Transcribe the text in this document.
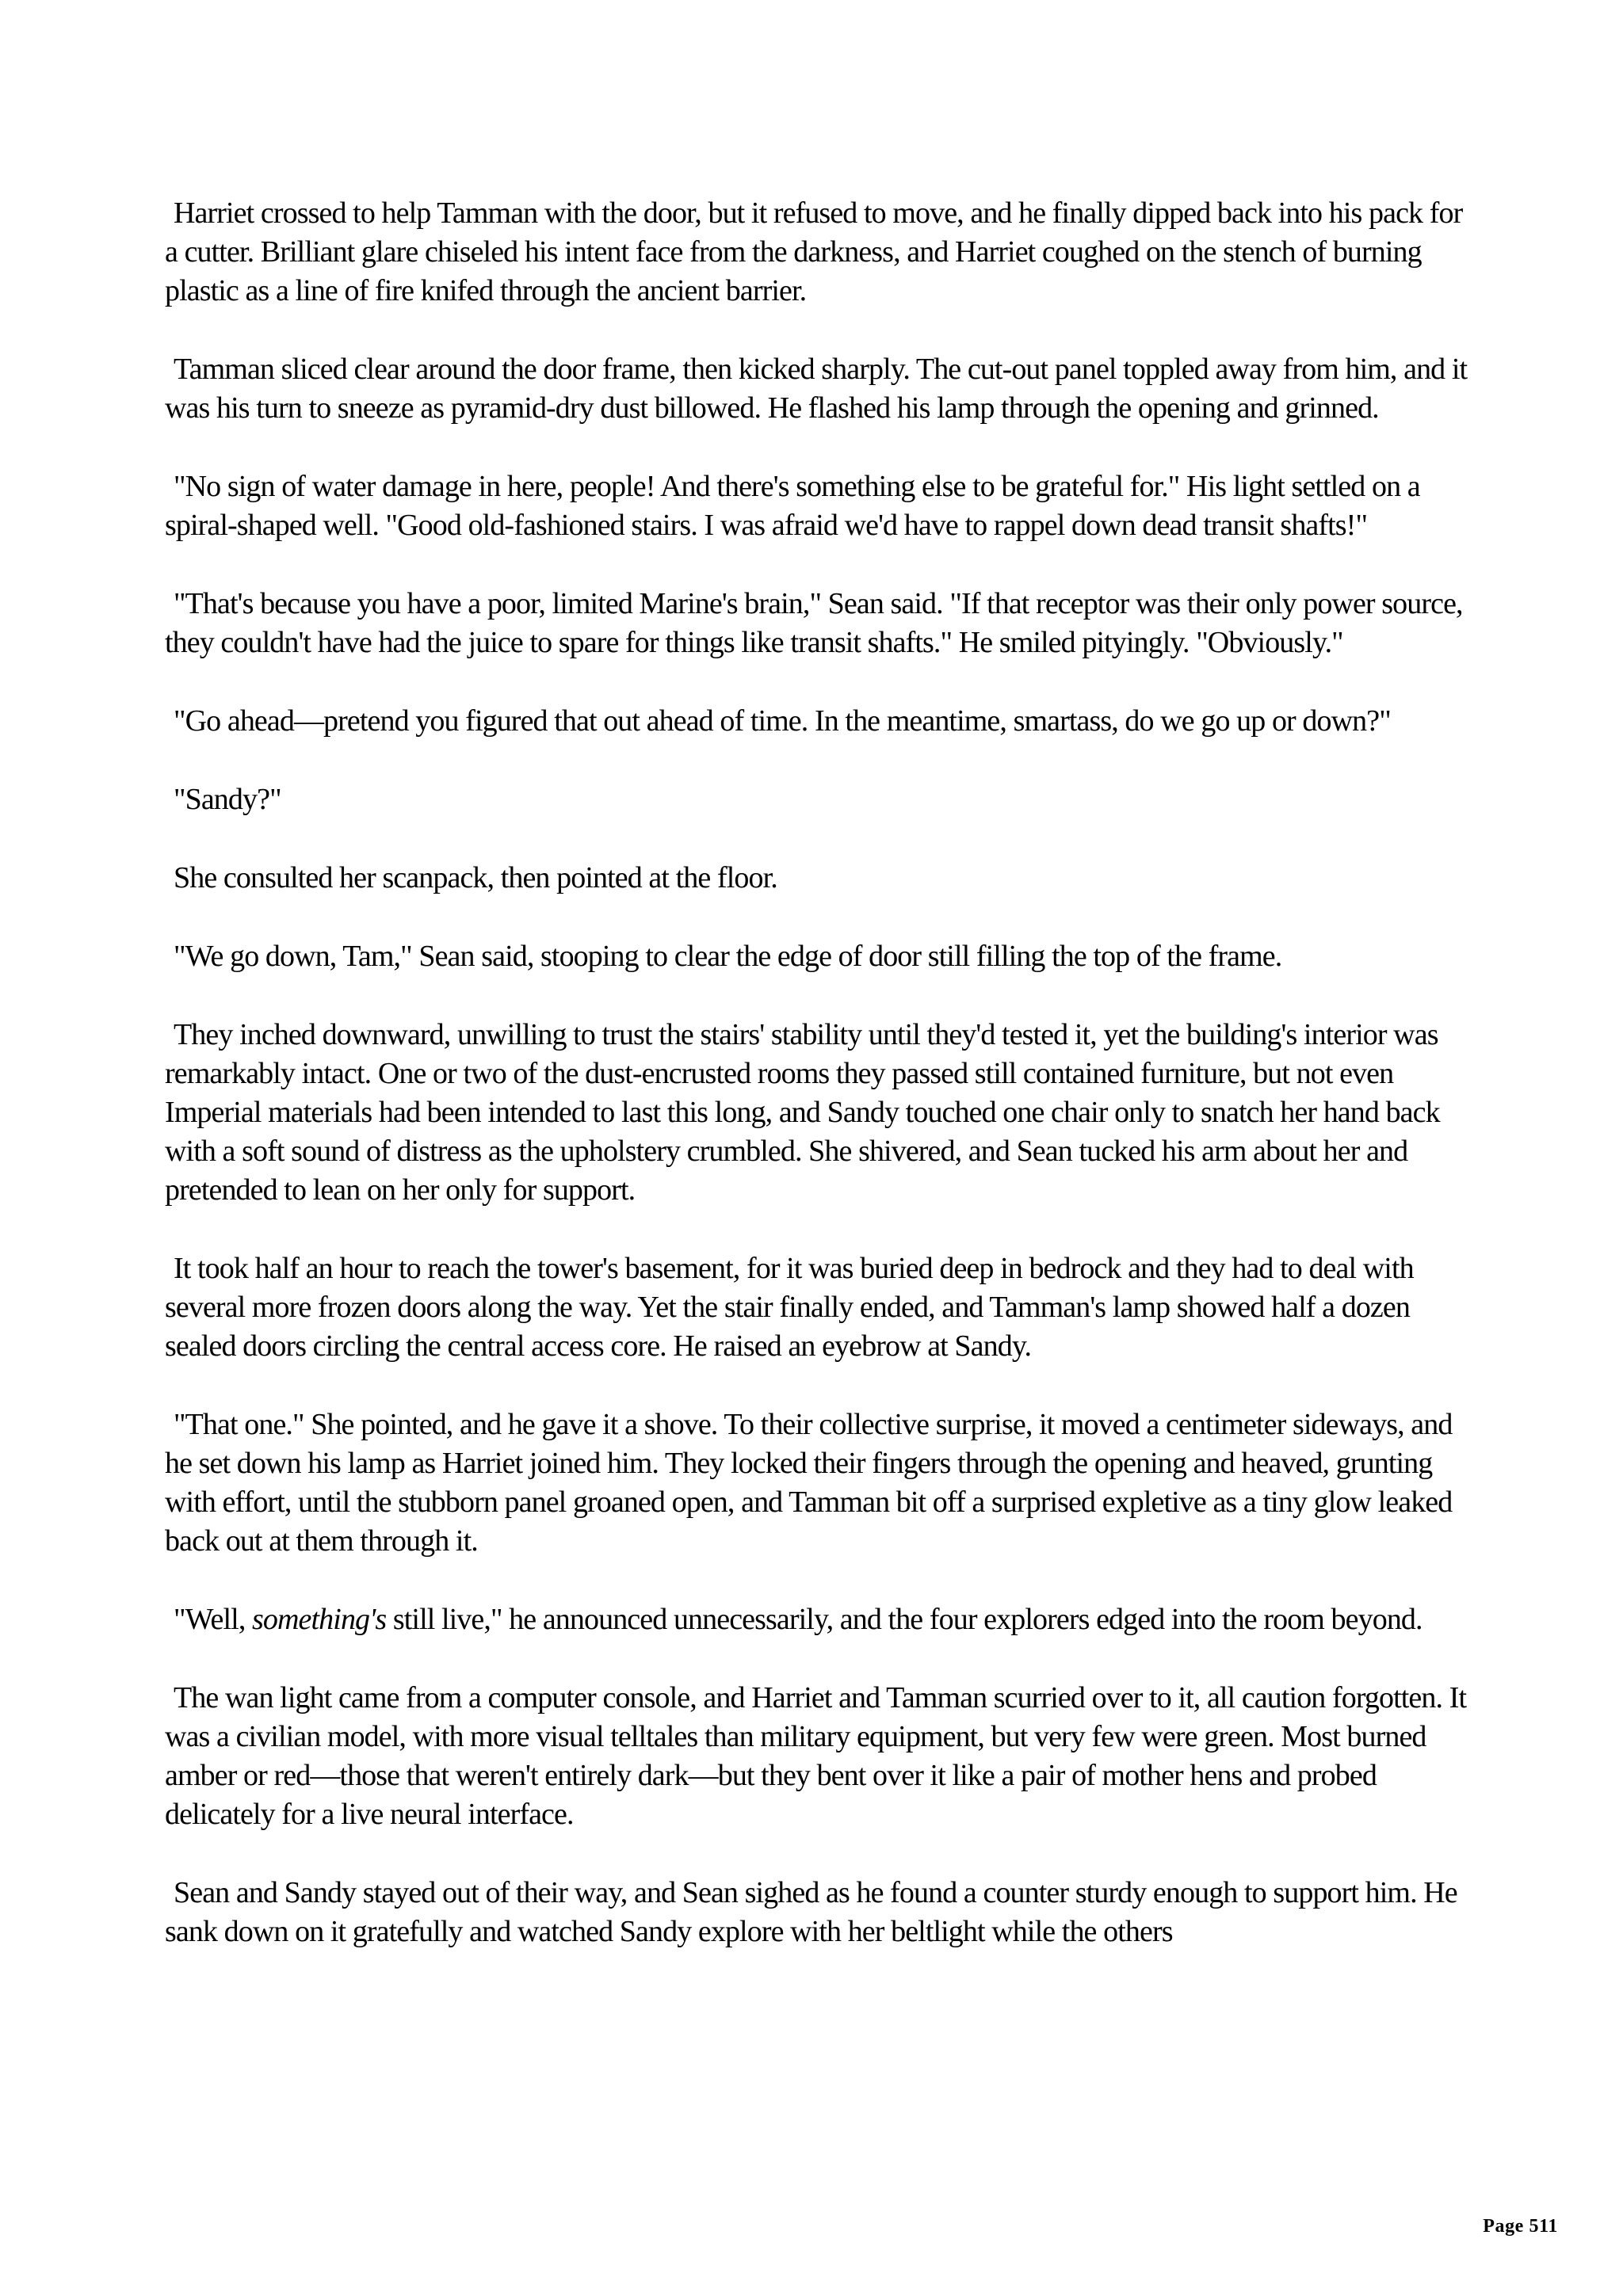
Harriet crossed to help Tamman with the door, but it refused to move, and he finally dipped back into his pack for a cutter. Brilliant glare chiseled his intent face from the darkness, and Harriet coughed on the stench of burning plastic as a line of fire knifed through the ancient barrier.

Tamman sliced clear around the door frame, then kicked sharply. The cut-out panel toppled away from him, and it was his turn to sneeze as pyramid-dry dust billowed. He flashed his lamp through the opening and grinned.

"No sign of water damage in here, people! And there's something else to be grateful for." His light settled on a spiral-shaped well. "Good old-fashioned stairs. I was afraid we'd have to rappel down dead transit shafts!"

"That's because you have a poor, limited Marine's brain," Sean said. "If that receptor was their only power source, they couldn't have had the juice to spare for things like transit shafts." He smiled pityingly. "Obviously."

"Go ahead—pretend you figured that out ahead of time. In the meantime, smartass, do we go up or down?"

"Sandy?"

She consulted her scanpack, then pointed at the floor.

"We go down, Tam," Sean said, stooping to clear the edge of door still filling the top of the frame.

They inched downward, unwilling to trust the stairs' stability until they'd tested it, yet the building's interior was remarkably intact. One or two of the dust-encrusted rooms they passed still contained furniture, but not even Imperial materials had been intended to last this long, and Sandy touched one chair only to snatch her hand back with a soft sound of distress as the upholstery crumbled. She shivered, and Sean tucked his arm about her and pretended to lean on her only for support.

It took half an hour to reach the tower's basement, for it was buried deep in bedrock and they had to deal with several more frozen doors along the way. Yet the stair finally ended, and Tamman's lamp showed half a dozen sealed doors circling the central access core. He raised an eyebrow at Sandy.

"That one." She pointed, and he gave it a shove. To their collective surprise, it moved a centimeter sideways, and he set down his lamp as Harriet joined him. They locked their fingers through the opening and heaved, grunting with effort, until the stubborn panel groaned open, and Tamman bit off a surprised expletive as a tiny glow leaked back out at them through it.

"Well, something's still live," he announced unnecessarily, and the four explorers edged into the room beyond.

The wan light came from a computer console, and Harriet and Tamman scurried over to it, all caution forgotten. It was a civilian model, with more visual telltales than military equipment, but very few were green. Most burned amber or red—those that weren't entirely dark—but they bent over it like a pair of mother hens and probed delicately for a live neural interface.

Sean and Sandy stayed out of their way, and Sean sighed as he found a counter sturdy enough to support him. He sank down on it gratefully and watched Sandy explore with her beltlight while the others

Page 511
